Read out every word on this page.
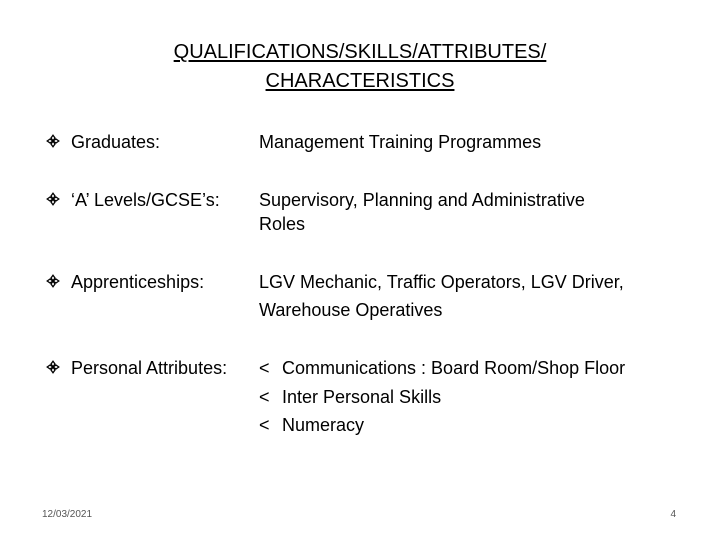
QUALIFICATIONS/SKILLS/ATTRIBUTES/
CHARACTERISTICS
Graduates:	Management Training Programmes
‘A’ Levels/GCSE’s: Supervisory, Planning and Administrative
Roles
Apprenticeships:	LGV Mechanic, Traffic Operators, LGV Driver,
Warehouse Operatives
Personal Attributes: < Communications : Board Room/Shop Floor
< Inter Personal Skills
< Numeracy
12/03/2021	4
